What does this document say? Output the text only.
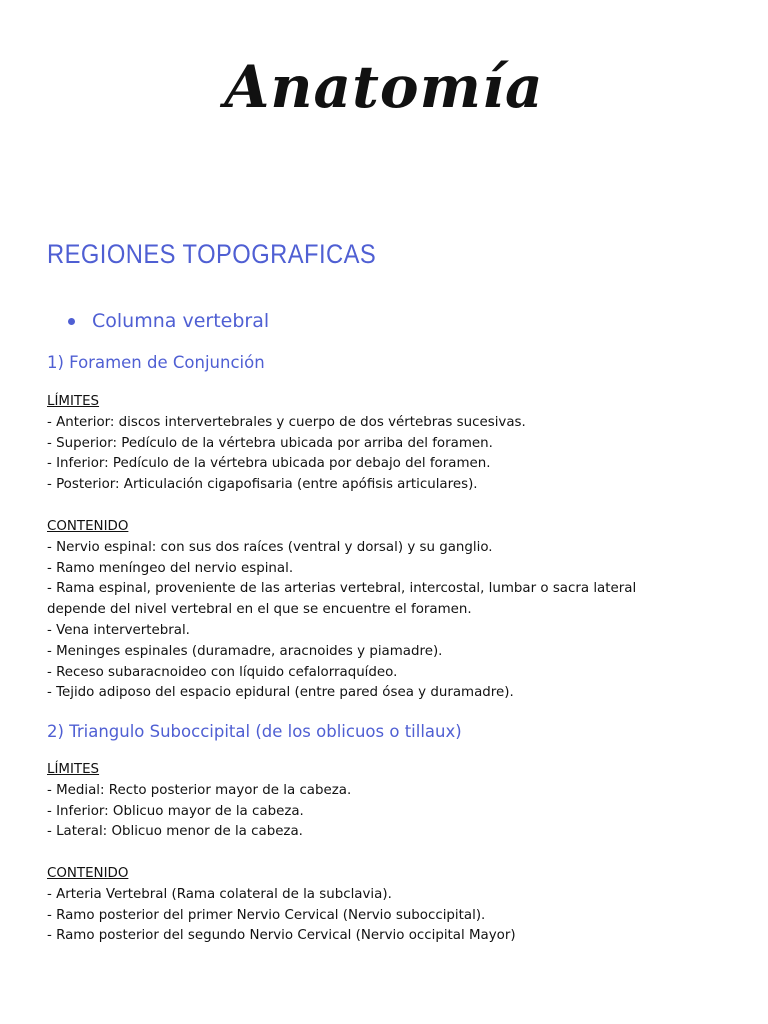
Anatomía
REGIONES TOPOGRAFICAS
Columna vertebral
1) Foramen de Conjunción
LÍMITES
- Anterior: discos intervertebrales y cuerpo de dos vértebras sucesivas.
- Superior: Pedículo de la vértebra ubicada por arriba del foramen.
- Inferior: Pedículo de la vértebra ubicada por debajo del foramen.
- Posterior: Articulación cigapofisaria (entre apófisis articulares).
CONTENIDO
- Nervio espinal: con sus dos raíces (ventral y dorsal) y su ganglio.
- Ramo meníngeo del nervio espinal.
- Rama espinal, proveniente de las arterias vertebral, intercostal, lumbar o sacra lateral depende del nivel vertebral en el que se encuentre el foramen.
- Vena intervertebral.
- Meninges espinales (duramadre, aracnoides y piamadre).
- Receso subaracnoideo con líquido cefalorraquídeo.
- Tejido adiposo del espacio epidural (entre pared ósea y duramadre).
2) Triangulo Suboccipital (de los oblicuos o tillaux)
LÍMITES
- Medial: Recto posterior mayor de la cabeza.
- Inferior: Oblicuo mayor de la cabeza.
- Lateral: Oblicuo menor de la cabeza.
CONTENIDO
- Arteria Vertebral (Rama colateral de la subclavia).
- Ramo posterior del primer Nervio Cervical (Nervio suboccipital).
- Ramo posterior del segundo Nervio Cervical (Nervio occipital Mayor)
